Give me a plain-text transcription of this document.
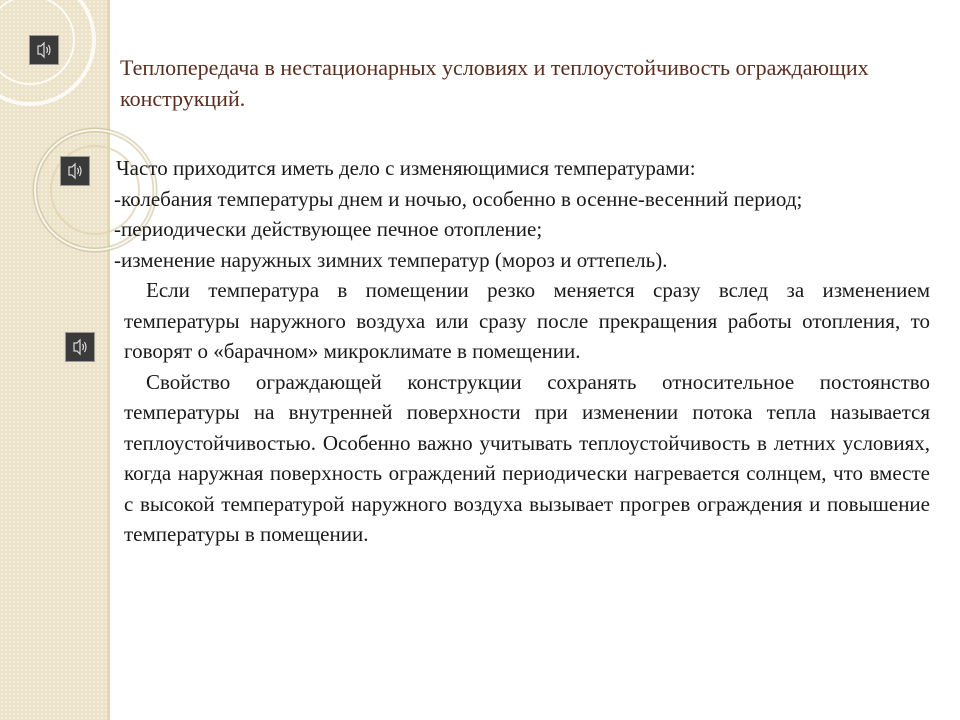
Теплопередача в нестационарных условиях и теплоустойчивость ограждающих конструкций.

Часто приходится иметь дело с изменяющимися температурами:

-колебания температуры днем и ночью, особенно в осенне-весенний период;

-периодически действующее печное отопление;

-изменение наружных зимних температур (мороз и оттепель).

Если температура в помещении резко меняется сразу вслед за изменением температуры наружного воздуха или сразу после прекращения работы отопления, то говорят о «барачном» микроклимате в помещении.

Свойство ограждающей конструкции сохранять относительное постоянство температуры на внутренней поверхности при изменении потока тепла называется теплоустойчивостью. Особенно важно учитывать теплоустойчивость в летних условиях, когда наружная поверхность ограждений периодически нагревается солнцем, что вместе с высокой температурой наружного воздуха вызывает прогрев ограждения и повышение температуры в помещении.
